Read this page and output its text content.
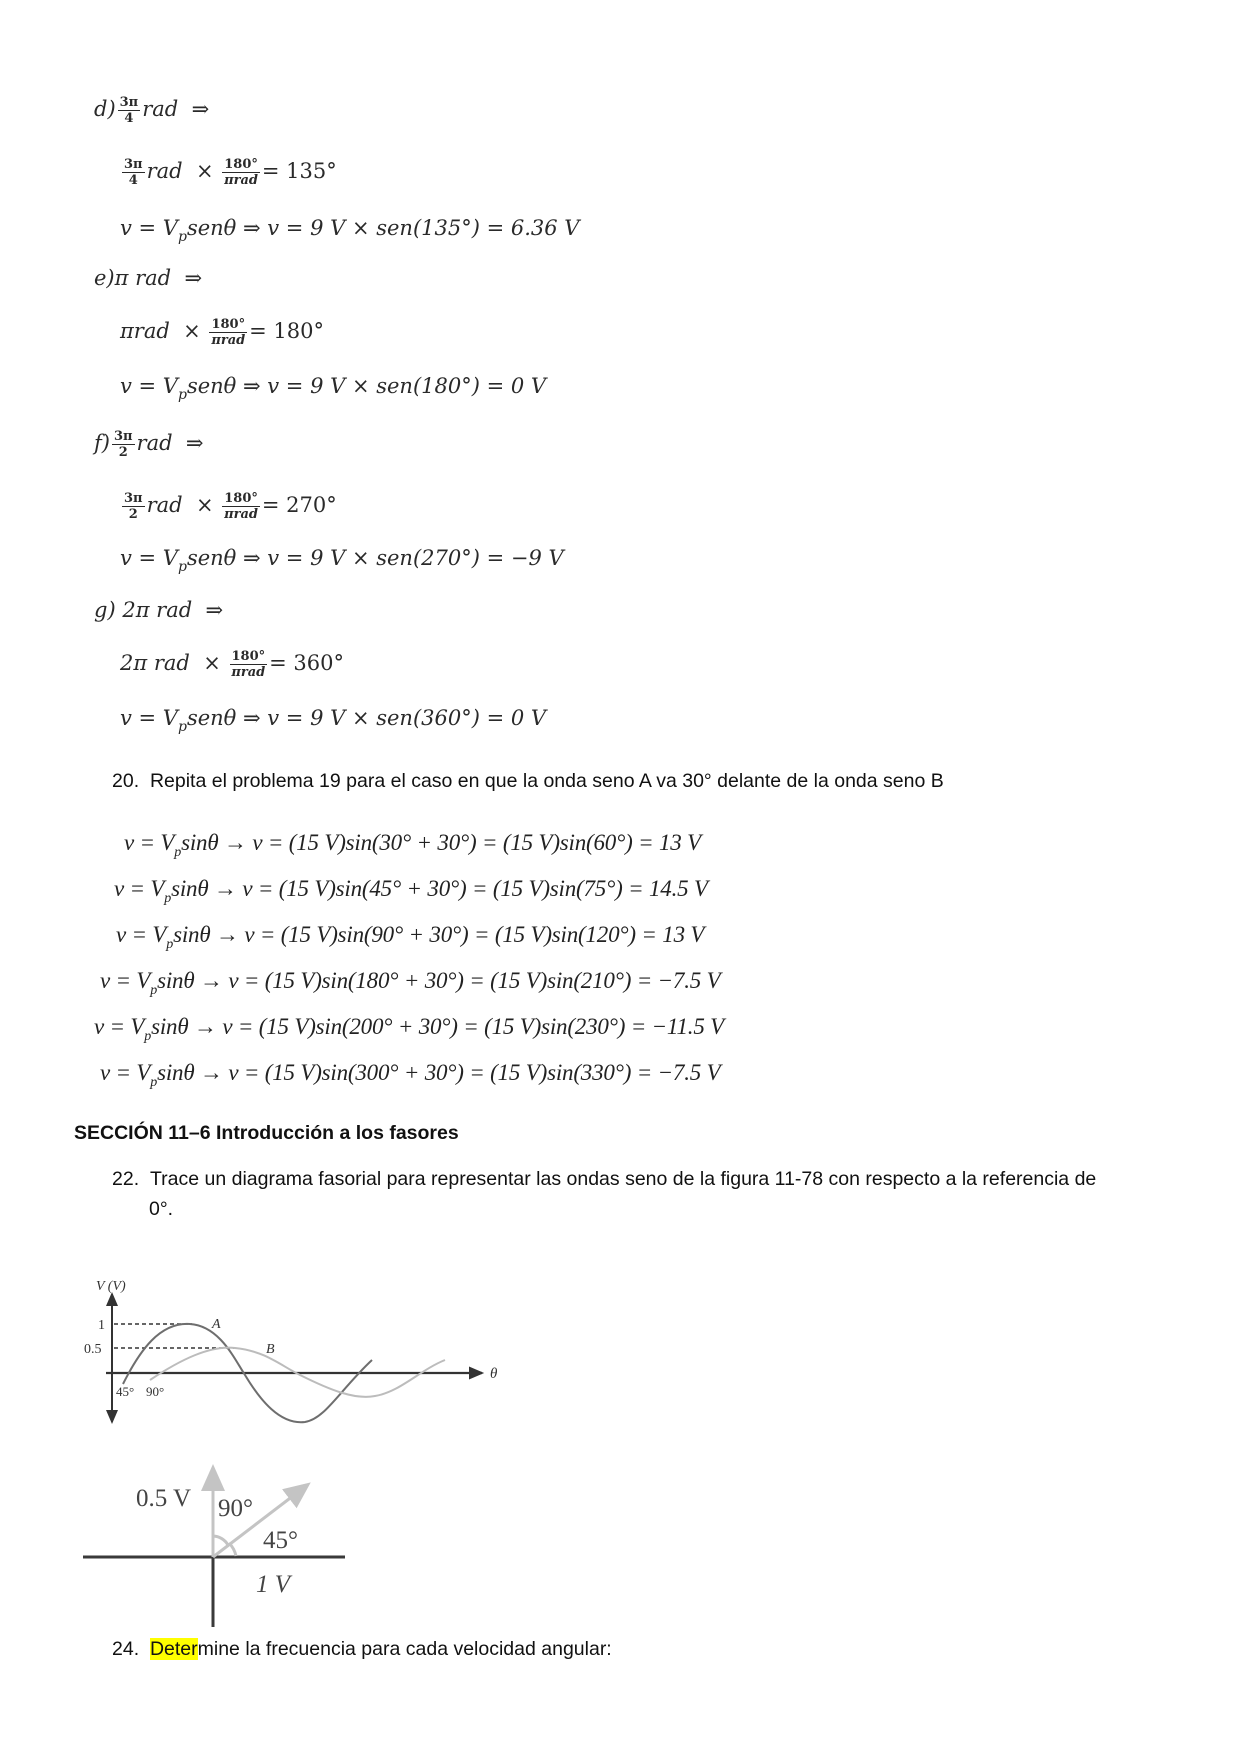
$d) \frac{3\pi}{4}$ rad ⇒
$\frac{3\pi}{4}$ rad × $\frac{180^\circ}{\text{πrad}} = 135^\circ$
$v = V_psen\theta$ ⇒ v = 9 V × sen(135°) = 6.36 V
e)π rad ⇒
$\pi rad \times \frac{180^\circ}{\text{πrad}} = 180^\circ$
$v = V_psen\theta$ ⇒ v = 9 V × sen(180°) = 0 V
$f) \frac{3\pi}{2}$ rad ⇒
$\frac{3\pi}{2}$ rad × $\frac{180^\circ}{\text{πrad}} = 270^\circ$
$v = V_psen\theta$ ⇒ v = 9 V × sen(270°) = −9 V
g) 2π rad ⇒
2π rad × $\frac{180^\circ}{\text{πrad}} = 360^\circ$
$v = V_psen\theta$ ⇒ v = 9 V × sen(360°) = 0 V
20. Repita el problema 19 para el caso en que la onda seno A va 30° delante de la onda seno B
$v = V_p\sin\theta \to v = (15$ V)sin(30° + 30°) = (15 V)sin(60°) = 13 V
$v = V_p\sin\theta \to v = (15$ V)sin(45° + 30°) = (15 V)sin(75°) = 14.5 V
$v = V_p\sin\theta \to v = (15$ V)sin(90° + 30°) = (15 V)sin(120°) = 13 V
$v = V_p\sin\theta \to v = (15$ V)sin(180° + 30°) = (15 V)sin(210°) = −7.5 V
$v = V_p\sin\theta \to v = (15$ V)sin(200° + 30°) = (15 V)sin(230°) = −11.5 V
$v = V_p\sin\theta \to v = (15$ V)sin(300° + 30°) = (15 V)sin(330°) = −7.5 V
SECCIÓN 11–6 Introducción a los fasores
22. Trace un diagrama fasorial para representar las ondas seno de la figura 11-78 con respecto a la referencia de
0°.
V (V)
1
0.5
A
B
θ
45° 90°
0.5 V 90°
45°
1 V
24. Determine la frecuencia para cada velocidad angular:
